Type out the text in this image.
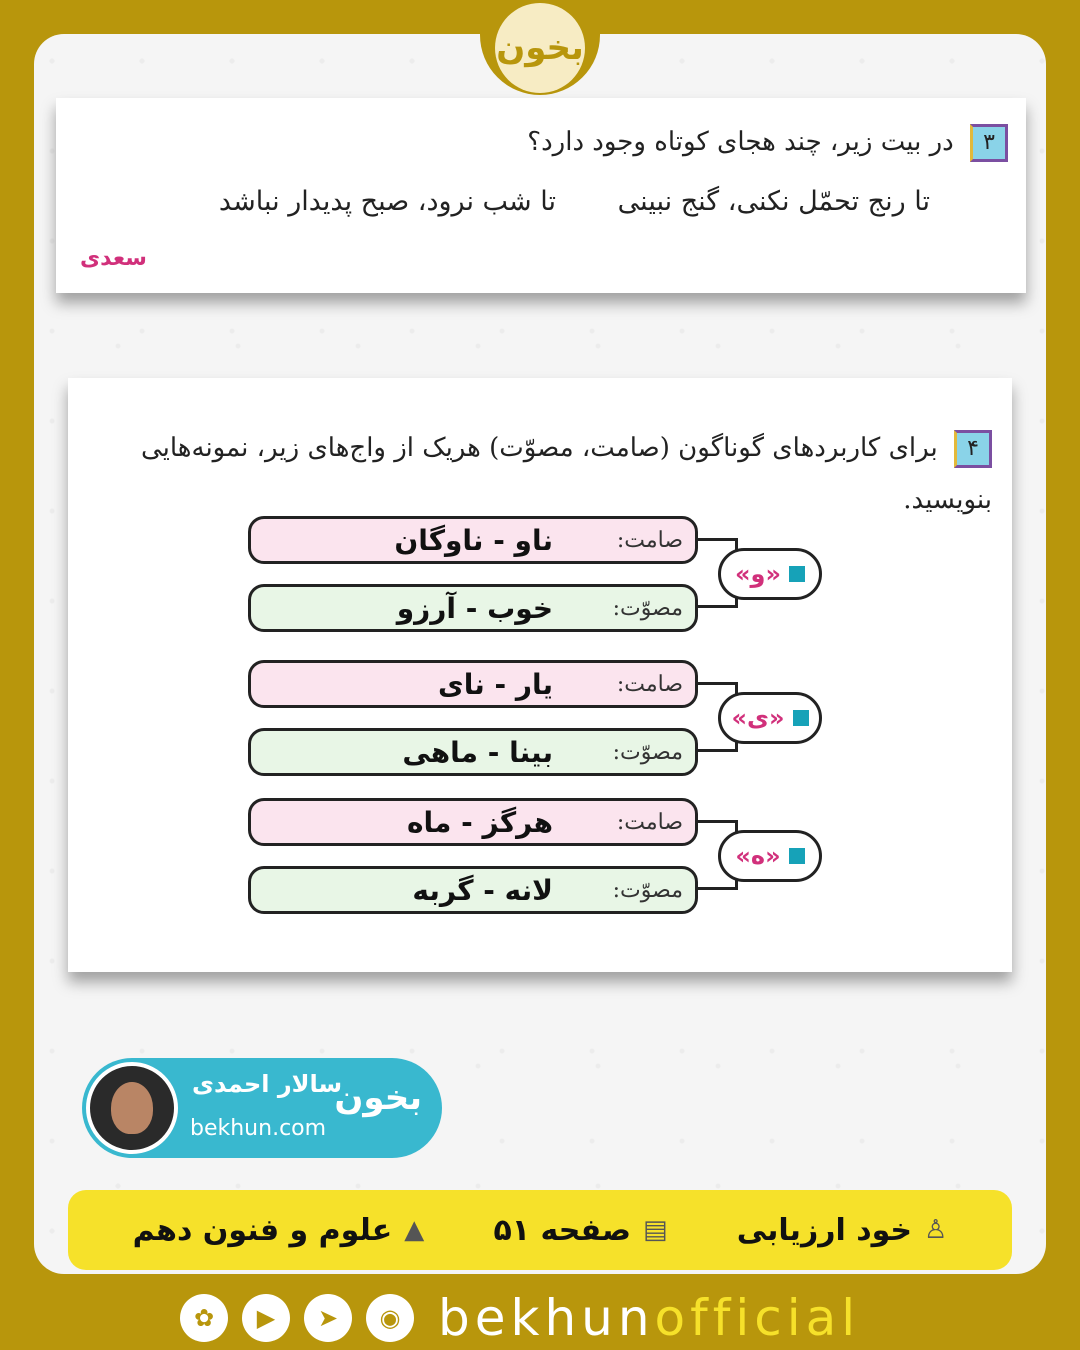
بخون
۳ در بیت زیر، چند هجای کوتاه وجود دارد؟
تا رنج تحمّل نکنی، گنج نبینی
تا شب نرود، صبح پدیدار نباشد
سعدی
۴ برای کاربردهای گوناگون (صامت، مصوّت) هریک از واج‌های زیر، نمونه‌هایی بنویسید.
صامت:
ناو - ناوگان
مصوّت:
خوب - آرزو
«و»
صامت:
یار - نای
مصوّت:
بینا - ماهی
«ی»
صامت:
هرگز - ماه
مصوّت:
لانه - گربه
«ه»
سالار احمدی
bekhun.com
بخون
♙
خود ارزیابی
▤
صفحه ۵۱
▲
علوم و فنون دهم
✿	▶	➤	◉ bekhunofficial
